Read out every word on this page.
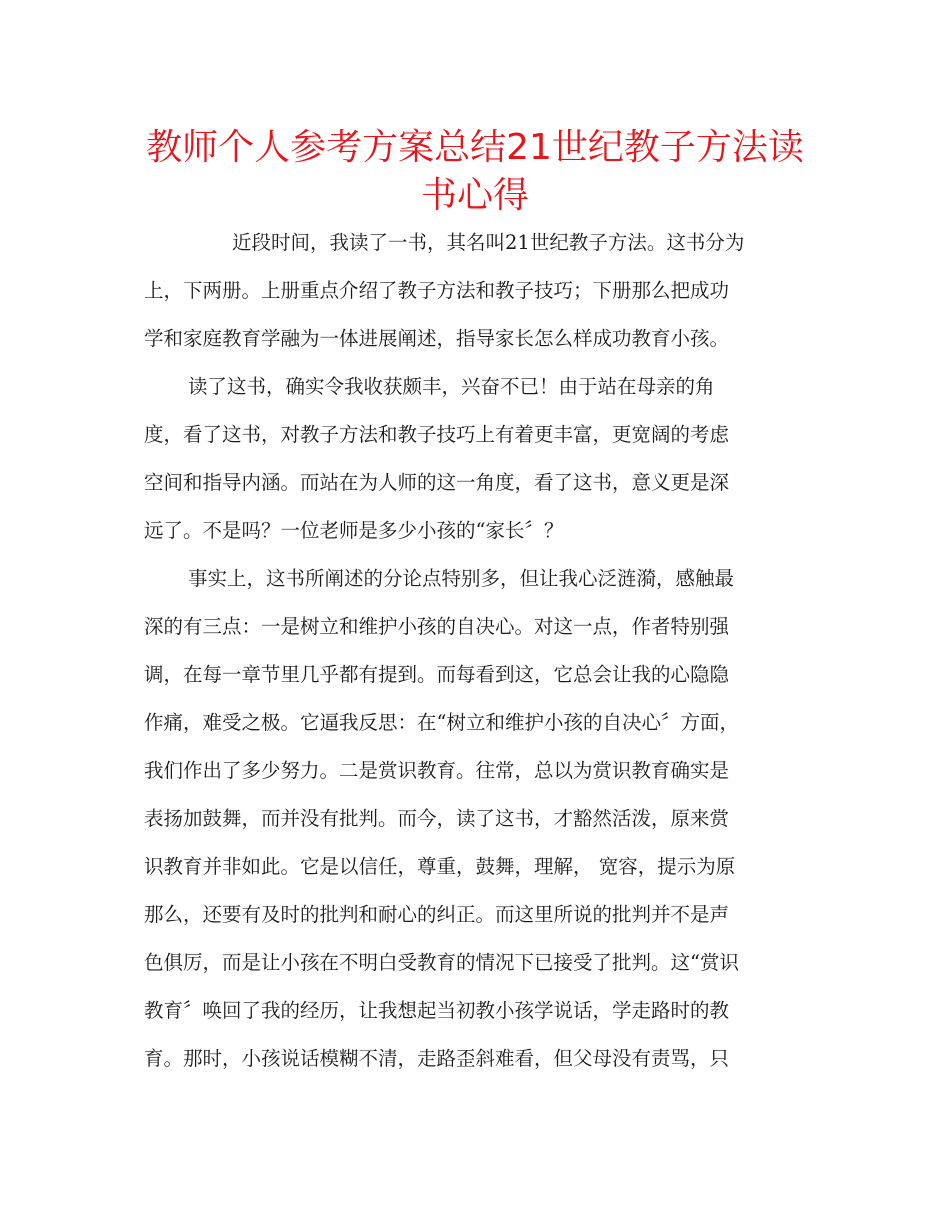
教师个人参考方案总结21世纪教子方法读
书心得

近段时间，我读了一书，其名叫21世纪教子方法。这书分为

上，下两册。上册重点介绍了教子方法和教子技巧；下册那么把成功

学和家庭教育学融为一体进展阐述，指导家长怎么样成功教育小孩。

读了这书，确实令我收获颇丰，兴奋不已！由于站在母亲的角

度，看了这书，对教子方法和教子技巧上有着更丰富，更宽阔的考虑

空间和指导内涵。而站在为人师的这一角度，看了这书，意义更是深

远了。不是吗？一位老师是多少小孩的“家长〞？

事实上，这书所阐述的分论点特别多，但让我心泛涟漪，感触最

深的有三点：一是树立和维护小孩的自决心。对这一点，作者特别强

调，在每一章节里几乎都有提到。而每看到这，它总会让我的心隐隐

作痛，难受之极。它逼我反思：在“树立和维护小孩的自决心〞方面，

我们作出了多少努力。二是赏识教育。往常，总以为赏识教育确实是

表扬加鼓舞，而并没有批判。而今，读了这书，才豁然活泼，原来赏

识教育并非如此。它是以信任，尊重，鼓舞，理解， 宽容，提示为原

那么，还要有及时的批判和耐心的纠正。而这里所说的批判并不是声

色俱厉，而是让小孩在不明白受教育的情况下已接受了批判。这“赏识

教育〞唤回了我的经历，让我想起当初教小孩学说话，学走路时的教

育。那时，小孩说话模糊不清，走路歪斜难看，但父母没有责骂，只
